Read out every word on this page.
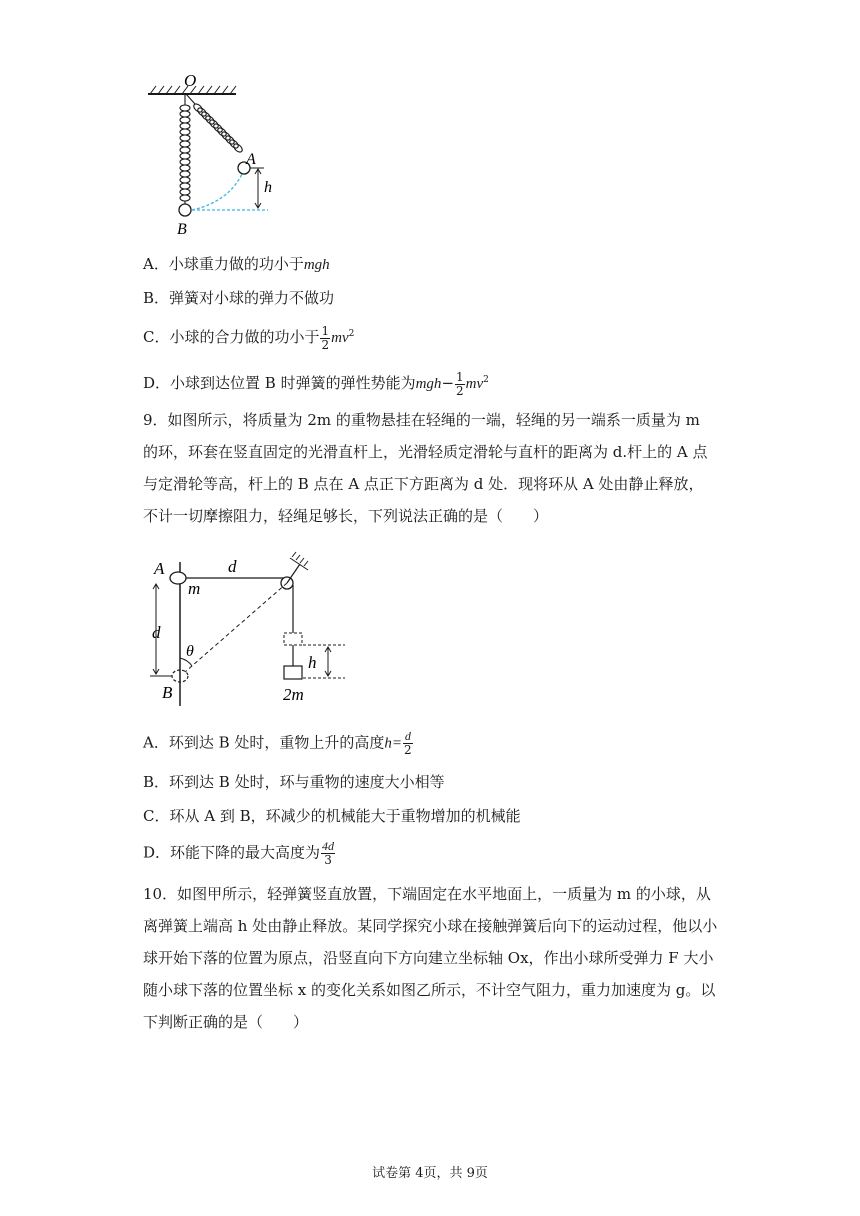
O
A
h
B
A．小球重力做的功小于mgh
B．弹簧对小球的弹力不做功
C．小球的合力做的功小于 $\frac{1}{2} mv^2$
D．小球到达位置 B 时弹簧的弹性势能为$mgh- \frac{1}{2} mv^2$
9．如图所示，将质量为 2m 的重物悬挂在轻绳的一端，轻绳的另一端系一质量为 m 的环，环套在竖直固定的光滑直杆上，光滑轻质定滑轮与直杆的距离为 d.杆上的 A 点与定滑轮等高，杆上的 B 点在 A 点正下方距离为 d 处．现将环从 A 处由静止释放，不计一切摩擦阻力，轻绳足够长，下列说法正确的是（　　）
A
m
d
d
θ
B
h
2m
A．环到达 B 处时，重物上升的高度$h= \frac{d}{2}$
B．环到达 B 处时，环与重物的速度大小相等
C．环从 A 到 B，环减少的机械能大于重物增加的机械能
D．环能下降的最大高度为 $\frac{4d}{3}$
10．如图甲所示，轻弹簧竖直放置，下端固定在水平地面上，一质量为 m 的小球，从离弹簧上端高 h 处由静止释放。某同学探究小球在接触弹簧后向下的运动过程，他以小球开始下落的位置为原点，沿竖直向下方向建立坐标轴 Ox，作出小球所受弹力 F 大小随小球下落的位置坐标 x 的变化关系如图乙所示，不计空气阻力，重力加速度为 g。以下判断正确的是（　　）
试卷第 4页，共 9页
